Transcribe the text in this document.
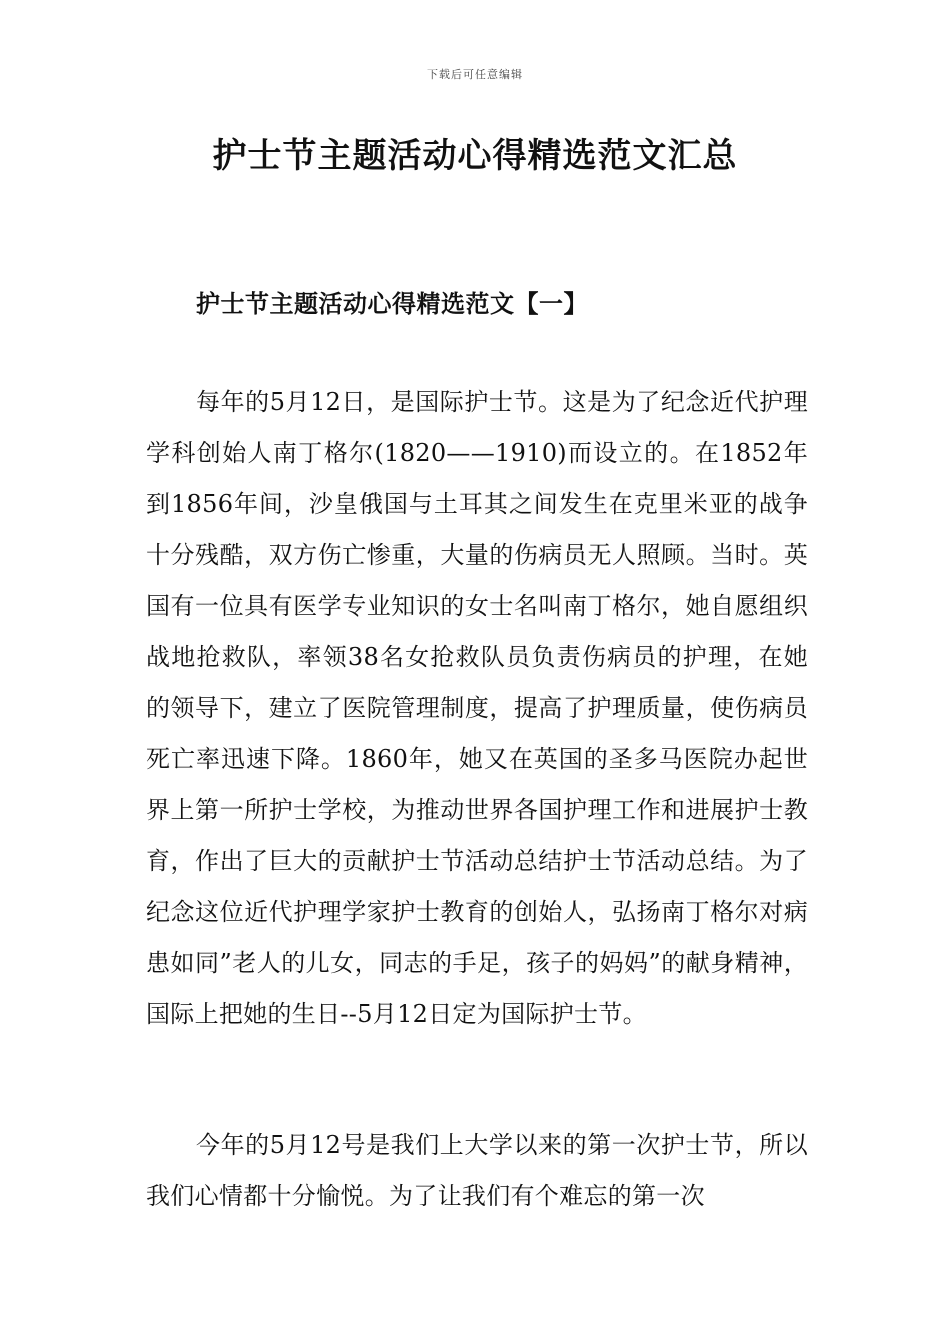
下载后可任意编辑
护士节主题活动心得精选范文汇总
护士节主题活动心得精选范文【一】

每年的5月12日，是国际护士节。这是为了纪念近代护理学科创始人南丁格尔(1820——1910)而设立的。在1852年到1856年间，沙皇俄国与土耳其之间发生在克里米亚的战争十分残酷，双方伤亡惨重，大量的伤病员无人照顾。当时。英国有一位具有医学专业知识的女士名叫南丁格尔，她自愿组织战地抢救队，率领38名女抢救队员负责伤病员的护理，在她的领导下，建立了医院管理制度，提高了护理质量，使伤病员死亡率迅速下降。1860年，她又在英国的圣多马医院办起世界上第一所护士学校，为推动世界各国护理工作和进展护士教育，作出了巨大的贡献护士节活动总结护士节活动总结。为了纪念这位近代护理学家护士教育的创始人，弘扬南丁格尔对病患如同”老人的儿女，同志的手足，孩子的妈妈”的献身精神，国际上把她的生日--5月12日定为国际护士节。

今年的5月12号是我们上大学以来的第一次护士节，所以我们心情都十分愉悦。为了让我们有个难忘的第一次
